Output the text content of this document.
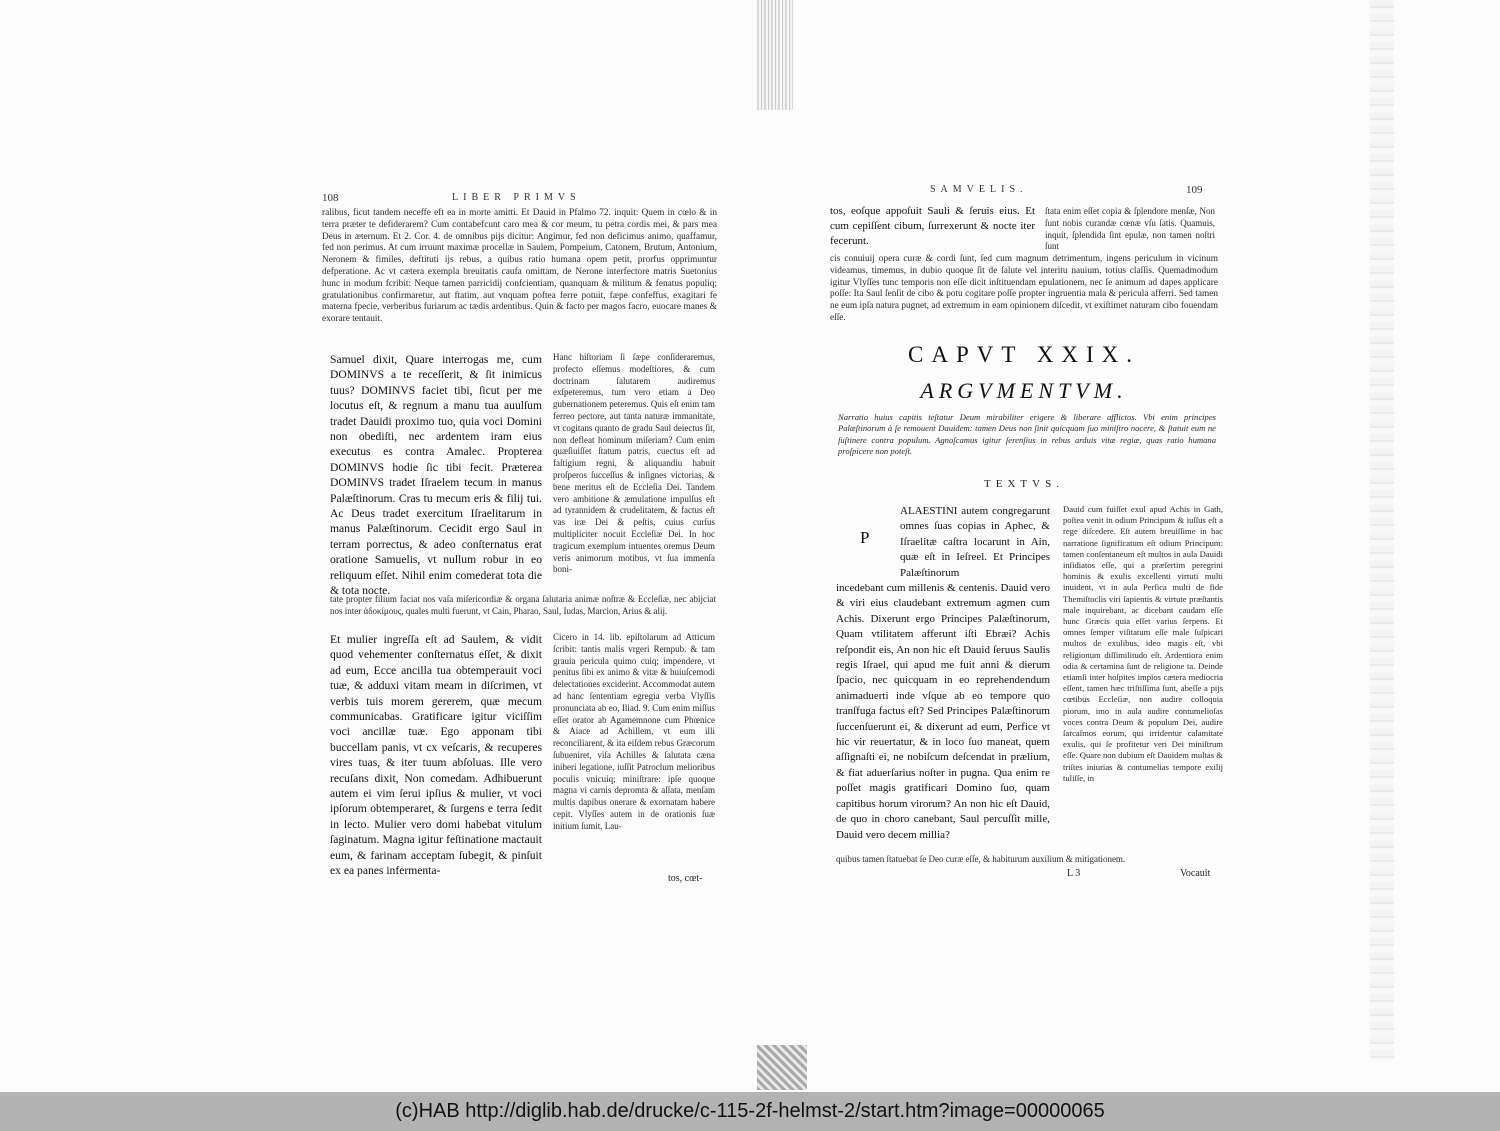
108	LIBER PRIMVS
ralibus, ficut tandem neceffe eft ea in morte amitti. Et Dauid in Pfalmo 72. inquit: Quem in cœlo & in terra præter te defiderarem? Cum contabefcunt caro mea & cor meum, tu petra cordis mei, & pars mea Deus in æternum. Et 2. Cor. 4. de omnibus pijs dicitur: Angimur, fed non deficimus animo, quaffamur, fed non perimus. At cum irruunt maximæ procellæ in Saulem, Pompeium, Catonem, Brutum, Antonium, Neronem & fimiles, deftituti ijs rebus, a quibus ratio humana opem petit, prorfus opprimuntur defperatione. Ac vt cætera exempla breuitatis caufa omittam, de Nerone interfectore matris Suetonius hunc in modum fcribit: Neque tamen parricidij confcientiam, quanquam & militum & fenatus populiq; gratulationibus confirmaretur, aut ftatim, aut vnquam poftea ferre potuit, fæpe confeffus, exagitari fe materna fpecie, verberibus furiarum ac tædis ardentibus. Quin & facto per magos facro, euocare manes & exorare tentauit.
Samuel dixit, Quare interrogas me, cum DOMINVS a te receſſerit, & ſit inimicus tuus? DOMINVS faciet tibi, ſicut per me locutus eſt, & regnum a manu tua auulſum tradet Dauidi proximo tuo, quia voci Domini non obediſti, nec ardentem iram eius executus es contra Amalec. Propterea DOMINVS hodie ſic tibi fecit. Præterea DOMINVS tradet Iſraelem tecum in manus Palæſtinorum. Cras tu mecum eris & filij tui. Ac Deus tradet exercitum Iſraelitarum in manus Palæſtinorum. Cecidit ergo Saul in terram porrectus, & adeo conſternatus erat oratione Samuelis, vt nullum robur in eo reliquum eſſet. Nihil enim comederat tota die & tota nocte.
Hanc hiſtoriam ſi ſæpe conſideraremus, profecto eſſemus modeſtiores, & cum doctrinam ſalutarem audiremus exſpeteremus, tum vero etiam a Deo gubernationem peteremus. Quis eſt enim tam ferreo pectore, aut tanta naturæ immanitate, vt cogitans quanto de gradu Saul deiectus ſit, non defleat hominum miſeriam? Cum enim quæſiuiſſet ſtatum patris, cuectus eſt ad faſtigium regni, & aliquandiu habuit proſperos ſucceſſus & inſignes victorias, & bene meritus eſt de Eccleſia Dei. Tandem vero ambitione & æmulatione impulſus eſt ad tyrannidem & crudelitatem, & factus eſt vas iræ Dei & peſtis, cuius curſus multipliciter nocuit Eccleſiæ Dei. In hoc tragicum exemplum intuentes oremus Deum veris animorum motibus, vt ſua immenſa boni-
tate propter filium faciat nos vaſa miſericordiæ & organa ſalutaria animæ noſtræ & Eccleſiæ, nec abijciat nos inter ἀδοκίμους, quales multi fuerunt, vt Cain, Pharao, Saul, Iudas, Marcion, Arius & alij.
Et mulier ingreſſa eſt ad Saulem, & vidit quod vehementer conſternatus eſſet, & dixit ad eum, Ecce ancilla tua obtemperauit voci tuæ, & adduxi vitam meam in diſcrimen, vt verbis tuis morem gererem, quæ mecum communicabas. Gratificare igitur viciſſim voci ancillæ tuæ. Ego apponam tibi buccellam panis, vt cx veſcaris, & recuperes vires tuas, & iter tuum abſoluas. Ille vero recuſans dixit, Non comedam. Adhibuerunt autem ei vim ſerui ipſius & mulier, vt voci ipſorum obtemperaret, & ſurgens e terra ſedit in lecto. Mulier vero domi habebat vitulum ſaginatum. Magna igitur feſtinatione mactauit eum, & farinam acceptam ſubegit, & pinſuit ex ea panes infermenta-
Cicero in 14. lib. epiſtolarum ad Atticum ſcribit: tantis malis vrgeri Rempub. & tam grauia pericula quimo cuiq; impendere, vt penitus ſibi ex animo & vitæ & huiuſcemodi delectationes exciderint. Accommodat autem ad hanc ſententiam egregia verba Vlyſſis pronunciata ab eo, Iliad. 9. Cum enim miſſus eſſet orator ab Agamemnone cum Phœnice & Aiace ad Achillem, vt eum illi reconciliarent, & ita eiſdem rebus Græcorum ſubueniret, viſa Achilles & ſalutata cæna iniberi legatione, iuſſit Patroclum melioribus poculis vnicuiq; miniſtrare: ipſe quoque magna vi carnis depromta & aſſata, menſam multis dapibus onerare & exornatam habere cepit. Vlyſſes autem in de orationis ſuæ initium ſumit, Lau-
tos, cœt-
SAMVELIS.	109
tos, eoſque appoſuit Sauli & ſeruis eius. Et cum cepiſſent cibum, ſurrexerunt & nocte iter fecerunt.
ſtata enim eſſet copia & ſplendore menſæ, Non ſunt nobis curandæ cœnæ vſu ſatis. Quamuis, inquit, ſplendida ſint epulæ, non tamen noſtri ſunt
cis conuiuij opera curæ & cordi ſunt, ſed cum magnum detrimentum, ingens periculum in vicinum videamus, timemus, in dubio quoque ſit de ſalute vel interitu nauium, totius claſſis. Quemadmodum igitur Vlyſſes tunc temporis non eſſe dicit inſtituendam epulationem, nec ſe animum ad dapes applicare poſſe: Ita Saul ſenſit de cibo & potu cogitare poſſe propter ingruentia mala & pericula afferri. Sed tamen ne eum ipſa natura pugnet, ad extremum in eam opinionem diſcedit, vt exiſtimet naturam cibo fouendam eſſe.
CAPVT XXIX.
ARGVMENTVM.
Narratio huius capitis teſtatur Deum mirabiliter erigere & liberare afflictos. Vbi enim principes Palæſtinorum à ſe remouent Dauidem: tamen Deus non ſinit quicquam ſuo miniſtro nocere, & ſtatuit eum ne ſuſtinere contra populum. Agnoſcamus igitur ſerenſius in rebus arduis vitæ regiæ, quas ratio humana proſpicere non poteſt.
TEXTVS.
P
ALAESTINI autem congregarunt omnes ſuas copias in Aphec, & Iſraelitæ caſtra locarunt in Ain, quæ eſt in Ieſreel. Et Principes Palæſtinorum
incedebant cum millenis & centenis. Dauid vero & viri eius claudebant extremum agmen cum Achis. Dixerunt ergo Principes Palæſtinorum, Quam vtilitatem afferunt iſti Ebræi? Achis reſpondit eis, An non hic eſt Dauid ſeruus Saulis regis Iſrael, qui apud me fuit anni & dierum ſpacio, nec quicquam in eo reprehendendum animaduerti inde vſque ab eo tempore quo tranſfuga factus eſt? Sed Principes Palæſtinorum ſuccenſuerunt ei, & dixerunt ad eum, Perfice vt hic vir reuertatur, & in loco ſuo maneat, quem aſſignaſti ei, ne nobiſcum deſcendat in prælium, & fiat aduerſarius noſter in pugna. Qua enim re poſſet magis gratificari Domino ſuo, quam capitibus horum virorum? An non hic eſt Dauid, de quo in choro canebant, Saul percuſſit mille, Dauid vero decem millia?
Dauid cum fuiſſet exul apud Achis in Gath, poſtea venit in odium Principum & iuſſus eſt a rege diſcedere. Eſt autem breuiſſime in hac narratione ſignificatum eſt odium Principum: tamen conſentaneum eſt multos in aula Dauidi inſidiatos eſſe, qui a præſertim peregrini hominis & exulis excellenti virtuti multi inuident, vt in aula Perſica multi de fide Themiſtoclis viri ſapientis & virtute præſtantis male inquirebant, ac dicebant caudam eſſe hunc Græcis quia eſſet varius ſerpens. Et omnes ſemper viſitatum eſſe male ſuſpicari multos de exulibus, ideo magis eſt, vbi religionum diſſimilitudo eſt. Ardentiora enim odia & certamina ſunt de religione ta. Deinde etiamſi inter hoſpites impios cætera mediocria eſſent, tamen hæc triſtiſſima ſunt, abeſſe a pijs cœtibus Eccleſiæ, non audire colloquia piorum, imo in aula audire contumelioſas voces contra Deum & populum Dei, audire ſarcaſmos eorum, qui irridentur calamitate exulis, qui ſe profitetur veri Dei miniſtrum eſſe. Quare non dubium eſt Dauidem multas & triſtes iniurias & contumelias tempore exilij tuliſſe, in
quibus tamen ſtatuebat ſe Deo curæ eſſe, & habiturum auxilium & mitigationem.
L 3	Vocauit
(c)HAB http://diglib.hab.de/drucke/c-115-2f-helmst-2/start.htm?image=00000065
